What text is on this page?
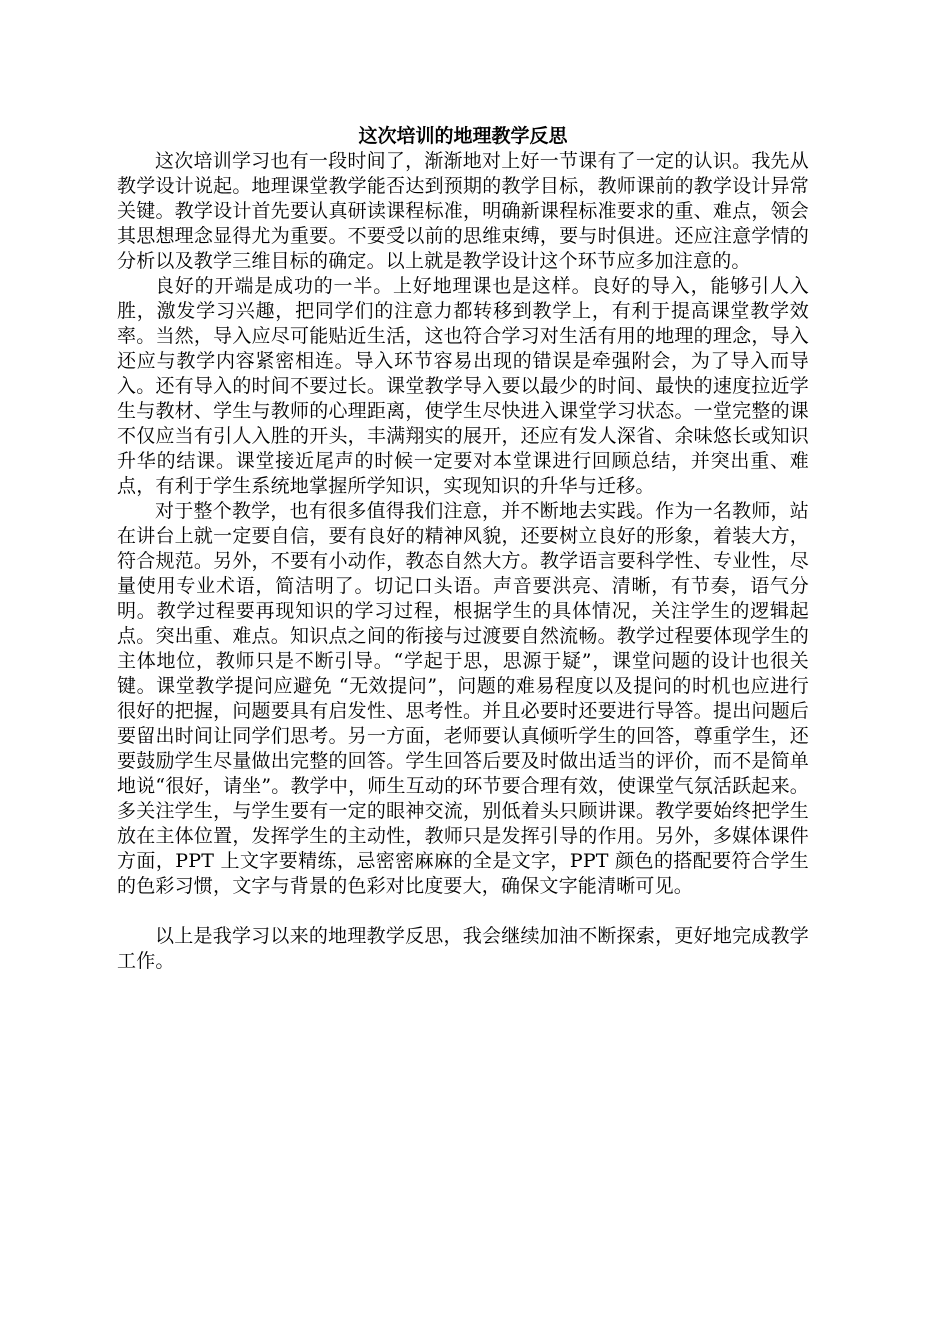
这次培训的地理教学反思

这次培训学习也有一段时间了，渐渐地对上好一节课有了一定的认识。我先从教学设计说起。地理课堂教学能否达到预期的教学目标，教师课前的教学设计异常关键。教学设计首先要认真研读课程标准，明确新课程标准要求的重、难点，领会其思想理念显得尤为重要。不要受以前的思维束缚，要与时俱进。还应注意学情的分析以及教学三维目标的确定。以上就是教学设计这个环节应多加注意的。

良好的开端是成功的一半。上好地理课也是这样。良好的导入，能够引人入胜，激发学习兴趣，把同学们的注意力都转移到教学上，有利于提高课堂教学效率。当然，导入应尽可能贴近生活，这也符合学习对生活有用的地理的理念，导入还应与教学内容紧密相连。导入环节容易出现的错误是牵强附会，为了导入而导入。还有导入的时间不要过长。课堂教学导入要以最少的时间、最快的速度拉近学生与教材、学生与教师的心理距离，使学生尽快进入课堂学习状态。一堂完整的课不仅应当有引人入胜的开头，丰满翔实的展开，还应有发人深省、余味悠长或知识升华的结课。课堂接近尾声的时候一定要对本堂课进行回顾总结，并突出重、难点，有利于学生系统地掌握所学知识，实现知识的升华与迁移。

对于整个教学，也有很多值得我们注意，并不断地去实践。作为一名教师，站在讲台上就一定要自信，要有良好的精神风貌，还要树立良好的形象，着装大方，符合规范。另外，不要有小动作，教态自然大方。教学语言要科学性、专业性，尽量使用专业术语，简洁明了。切记口头语。声音要洪亮、清晰，有节奏，语气分明。教学过程要再现知识的学习过程，根据学生的具体情况，关注学生的逻辑起点。突出重、难点。知识点之间的衔接与过渡要自然流畅。教学过程要体现学生的主体地位，教师只是不断引导。“学起于思，思源于疑”，课堂问题的设计也很关键。课堂教学提问应避免 “无效提问”，问题的难易程度以及提问的时机也应进行很好的把握，问题要具有启发性、思考性。并且必要时还要进行导答。提出问题后要留出时间让同学们思考。另一方面，老师要认真倾听学生的回答，尊重学生，还要鼓励学生尽量做出完整的回答。学生回答后要及时做出适当的评价，而不是简单地说“很好，请坐”。教学中，师生互动的环节要合理有效，使课堂气氛活跃起来。多关注学生，与学生要有一定的眼神交流，别低着头只顾讲课。教学要始终把学生放在主体位置，发挥学生的主动性，教师只是发挥引导的作用。另外，多媒体课件方面，PPT 上文字要精练，忌密密麻麻的全是文字，PPT 颜色的搭配要符合学生的色彩习惯，文字与背景的色彩对比度要大，确保文字能清晰可见。

以上是我学习以来的地理教学反思，我会继续加油不断探索，更好地完成教学工作。
